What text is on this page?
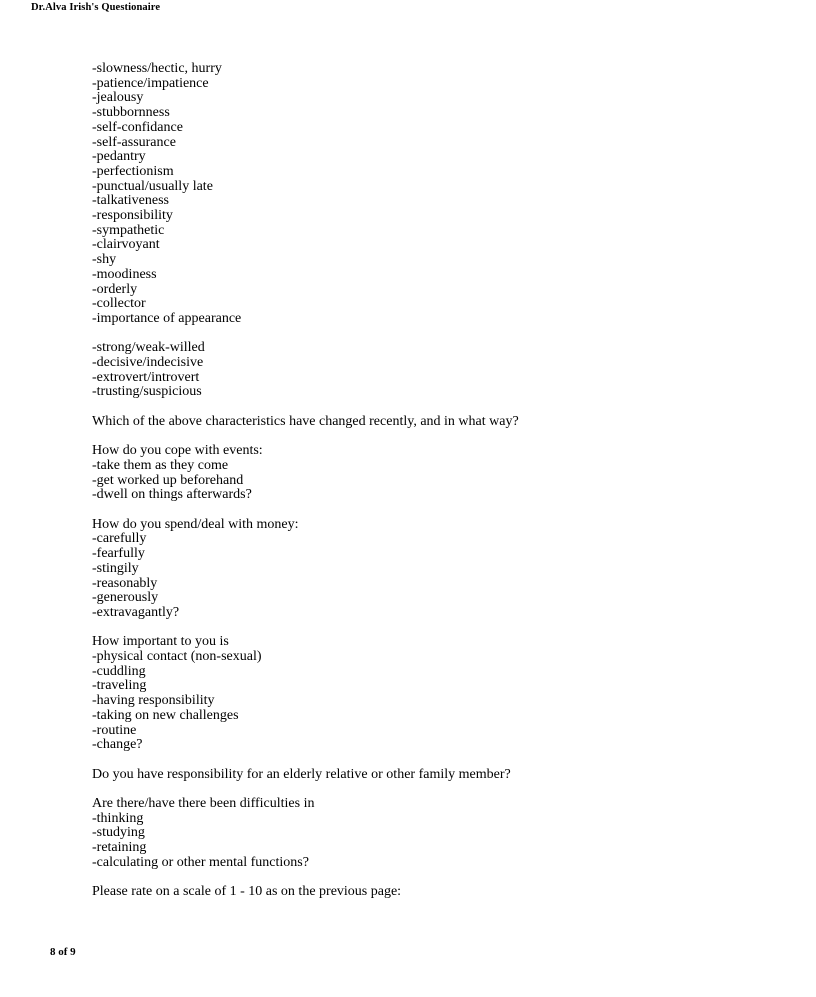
Dr.Alva Irish's Questionaire
-slowness/hectic, hurry
-patience/impatience
-jealousy
-stubbornness
-self-confidance
-self-assurance
-pedantry
-perfectionism
-punctual/usually late
-talkativeness
-responsibility
-sympathetic
-clairvoyant
-shy
-moodiness
-orderly
-collector
-importance of appearance
-strong/weak-willed
-decisive/indecisive
-extrovert/introvert
-trusting/suspicious
Which of the above characteristics have changed recently, and in what way?
How do you cope with events:
-take them as they come
-get worked up beforehand
-dwell on things afterwards?
How do you spend/deal with money:
-carefully
-fearfully
-stingily
-reasonably
-generously
-extravagantly?
How important to you is
-physical contact (non-sexual)
-cuddling
-traveling
-having responsibility
-taking on new challenges
-routine
-change?
Do you have responsibility for an elderly relative or other family member?
Are there/have there been difficulties in
-thinking
-studying
-retaining
-calculating or other mental functions?
Please rate on a scale of 1 - 10 as on the previous page:
8 of 9
